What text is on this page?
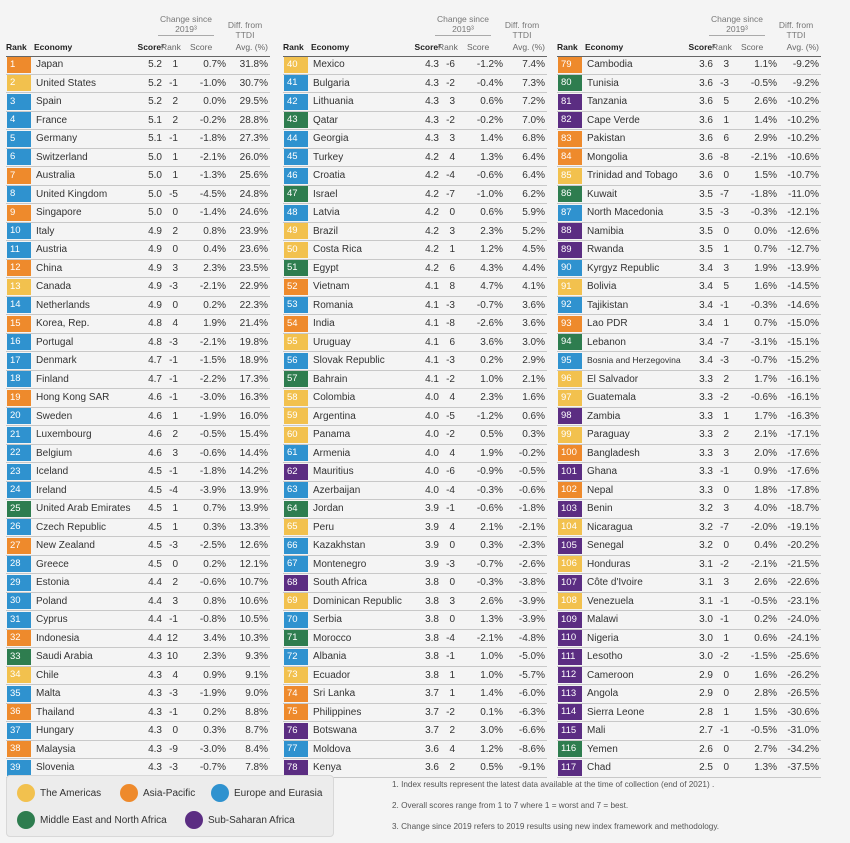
Change since 2019³	Diff. from TTDI
Rank Economy	Score²
Rank Score	Avg. (%)
1	Japan	5.2	1	0.7% 31.8%
2	United States	5.2 -1	-1.0% 30.7%
3	Spain	5.2	2	0.0% 29.5%
4	France	5.1	2	-0.2% 28.8%
5	Germany	5.1 -1	-1.8% 27.3%
6	Switzerland	5.0	1	-2.1% 26.0%
7	Australia	5.0	1	-1.3% 25.6%
8	United Kingdom	5.0 -5	-4.5% 24.8%
9	Singapore	5.0	0	-1.4% 24.6%
10	Italy	4.9	2	0.8% 23.9%
11	Austria	4.9	0	0.4% 23.6%
12	China	4.9	3	2.3% 23.5%
13	Canada	4.9 -3	-2.1% 22.9%
14	Netherlands	4.9	0	0.2% 22.3%
15	Korea, Rep.	4.8	4	1.9% 21.4%
16	Portugal	4.8 -3	-2.1% 19.8%
17	Denmark	4.7 -1	-1.5% 18.9%
18	Finland	4.7 -1	-2.2% 17.3%
19	Hong Kong SAR	4.6 -1	-3.0% 16.3%
20	Sweden	4.6	1	-1.9% 16.0%
21	Luxembourg	4.6	2	-0.5% 15.4%
22	Belgium	4.6	3	-0.6% 14.4%
23	Iceland	4.5 -1	-1.8% 14.2%
24	Ireland	4.5 -4	-3.9% 13.9%
25	United Arab Emirates 4.5	1	0.7% 13.9%
26	Czech Republic	4.5	1	0.3% 13.3%
27	New Zealand	4.5 -3	-2.5% 12.6%
28	Greece	4.5	0	0.2% 12.1%
29	Estonia	4.4	2	-0.6% 10.7%
30	Poland	4.4	3	0.8% 10.6%
31	Cyprus	4.4 -1	-0.8% 10.5%
32	Indonesia	4.4 12	3.4% 10.3%
33	Saudi Arabia	4.3 10	2.3% 9.3%
34	Chile	4.3	4	0.9% 9.1%
35	Malta	4.3 -3	-1.9% 9.0%
36	Thailand	4.3 -1	0.2% 8.8%
37	Hungary	4.3	0	0.3% 8.7%
38	Malaysia	4.3 -9	-3.0% 8.4%
39	Slovenia	4.3 -3	-0.7% 7.8%
Change since 2019³	Diff. from TTDI
Rank Economy	Score²
Rank Score	Avg. (%)
40	Mexico	4.3 -6	-1.2% 7.4%
41	Bulgaria	4.3 -2	-0.4% 7.3%
42	Lithuania	4.3	3	0.6% 7.2%
43	Qatar	4.3 -2	-0.2% 7.0%
44	Georgia	4.3	3	1.4% 6.8%
45	Turkey	4.2	4	1.3% 6.4%
46	Croatia	4.2 -4	-0.6% 6.4%
47	Israel	4.2 -7	-1.0% 6.2%
48	Latvia	4.2	0	0.6% 5.9%
49	Brazil	4.2	3	2.3% 5.2%
50	Costa Rica	4.2	1	1.2% 4.5%
51	Egypt	4.2	6	4.3% 4.4%
52	Vietnam	4.1	8	4.7% 4.1%
53	Romania	4.1 -3	-0.7% 3.6%
54	India	4.1 -8	-2.6% 3.6%
55	Uruguay	4.1	6	3.6% 3.0%
56	Slovak Republic	4.1 -3	0.2% 2.9%
57	Bahrain	4.1 -2	1.0% 2.1%
58	Colombia	4.0	4	2.3% 1.6%
59	Argentina	4.0 -5	-1.2% 0.6%
60	Panama	4.0 -2	0.5% 0.3%
61	Armenia	4.0	4	1.9% -0.2%
62	Mauritius	4.0 -6	-0.9% -0.5%
63	Azerbaijan	4.0 -4	-0.3% -0.6%
64	Jordan	3.9 -1	-0.6% -1.8%
65	Peru	3.9	4	2.1% -2.1%
66	Kazakhstan	3.9	0	0.3% -2.3%
67	Montenegro	3.9 -3	-0.7% -2.6%
68	South Africa	3.8	0	-0.3% -3.8%
69	Dominican Republic 3.8	3	2.6% -3.9%
70	Serbia	3.8	0	1.3% -3.9%
71	Morocco	3.8 -4	-2.1% -4.8%
72	Albania	3.8 -1	1.0% -5.0%
73	Ecuador	3.8	1	1.0% -5.7%
74	Sri Lanka	3.7	1	1.4% -6.0%
75	Philippines	3.7 -2	0.1% -6.3%
76	Botswana	3.7	2	3.0% -6.6%
77	Moldova	3.6	4	1.2% -8.6%
78	Kenya	3.6	2	0.5% -9.1%
Change since 2019³	Diff. from TTDI
Rank Economy	Score²
Rank Score	Avg. (%)
79	Cambodia	3.6	3	1.1% -9.2%
80	Tunisia	3.6 -3	-0.5% -9.2%
81	Tanzania	3.6	5	2.6% -10.2%
82	Cape Verde	3.6	1	1.4% -10.2%
83	Pakistan	3.6	6	2.9% -10.2%
84	Mongolia	3.6 -8	-2.1% -10.6%
85	Trinidad and Tobago 3.6	0	1.5% -10.7%
86	Kuwait	3.5 -7	-1.8% -11.0%
87	North Macedonia	3.5 -3	-0.3% -12.1%
88	Namibia	3.5	0	0.0% -12.6%
89	Rwanda	3.5	1	0.7% -12.7%
90	Kyrgyz Republic	3.4	3	1.9% -13.9%
91	Bolivia	3.4	5	1.6% -14.5%
92	Tajikistan	3.4 -1	-0.3% -14.6%
93	Lao PDR	3.4	1	0.7% -15.0%
94	Lebanon	3.4 -7	-3.1% -15.1%
95	Bosnia and Herzegovina 3.4 -3	-0.7% -15.2%
96	El Salvador	3.3	2	1.7% -16.1%
97	Guatemala	3.3 -2	-0.6% -16.1%
98	Zambia	3.3	1	1.7% -16.3%
99	Paraguay	3.3	2	2.1% -17.1%
100	Bangladesh	3.3	3	2.0% -17.6%
101	Ghana	3.3 -1	0.9% -17.6%
102	Nepal	3.3	0	1.8% -17.8%
103	Benin	3.2	3	4.0% -18.7%
104	Nicaragua	3.2 -7	-2.0% -19.1%
105	Senegal	3.2	0	0.4% -20.2%
106	Honduras	3.1 -2	-2.1% -21.5%
107	Côte d'Ivoire	3.1	3	2.6% -22.6%
108	Venezuela	3.1 -1	-0.5% -23.1%
109	Malawi	3.0 -1	0.2% -24.0%
110	Nigeria	3.0	1	0.6% -24.1%
111	Lesotho	3.0 -2	-1.5% -25.6%
112	Cameroon	2.9	0	1.6% -26.2%
113	Angola	2.9	0	2.8% -26.5%
114	Sierra Leone	2.8	1	1.5% -30.6%
115	Mali	2.7 -1	-0.5% -31.0%
116	Yemen	2.6	0	2.7% -34.2%
117	Chad	2.5	0	1.3% -37.5%
The Americas	Asia-Pacific	Europe and Eurasia
Middle East and North Africa	Sub-Saharan Africa
1. Index results represent the latest data available at the time of collection (end of 2021) .
2. Overall scores range from 1 to 7 where 1 = worst and 7 = best.
3. Change since 2019 refers to 2019 results using new index framework and methodology.
